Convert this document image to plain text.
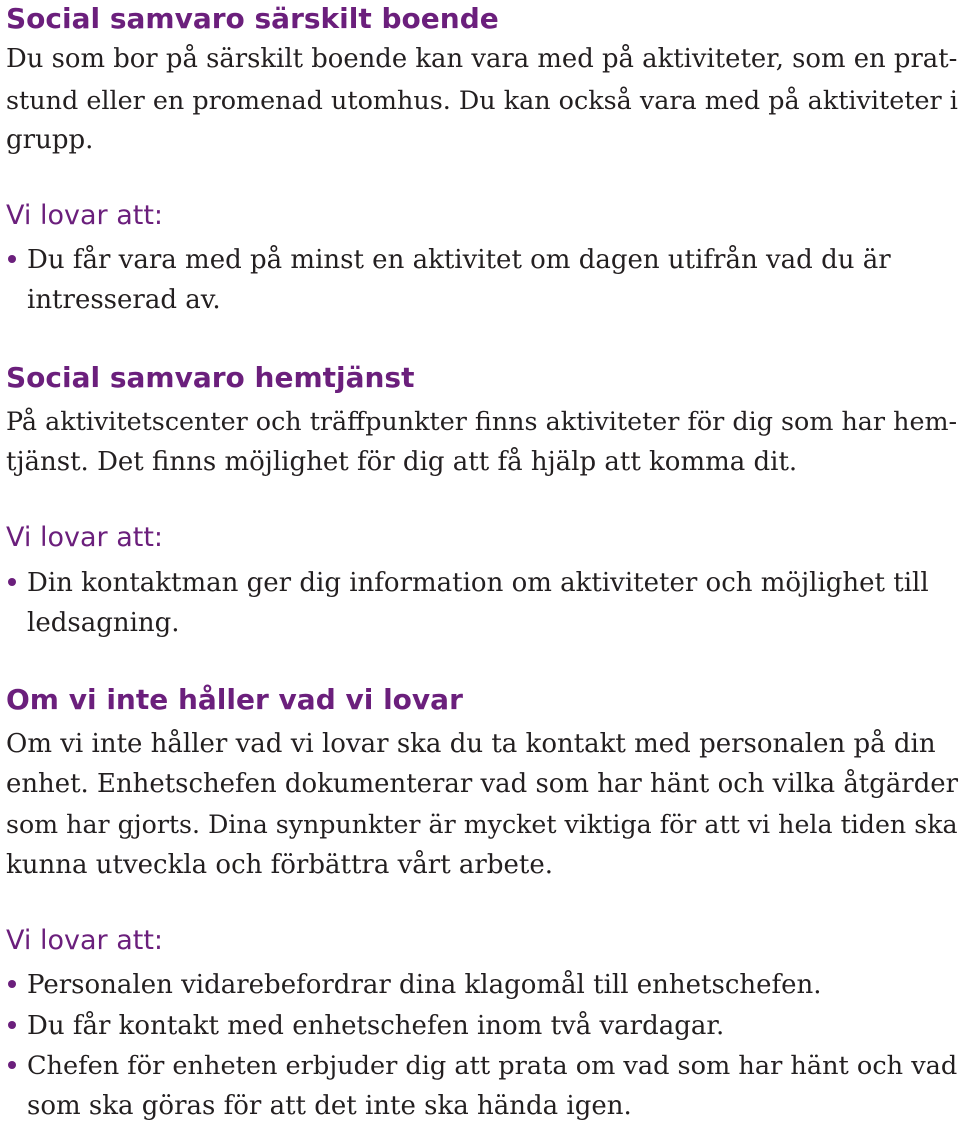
Social samvaro särskilt boende

Du som bor på särskilt boende kan vara med på aktiviteter, som en prat-

stund eller en promenad utomhus. Du kan också vara med på aktiviteter i

grupp.

Vi lovar att:

Du får vara med på minst en aktivitet om dagen utifrån vad du är

intresserad av.

Social samvaro hemtjänst

På aktivitetscenter och träffpunkter finns aktiviteter för dig som har hem-

tjänst. Det finns möjlighet för dig att få hjälp att komma dit.

Vi lovar att:

Din kontaktman ger dig information om aktiviteter och möjlighet till

ledsagning.

Om vi inte håller vad vi lovar

Om vi inte håller vad vi lovar ska du ta kontakt med personalen på din

enhet. Enhetschefen dokumenterar vad som har hänt och vilka åtgärder

som har gjorts. Dina synpunkter är mycket viktiga för att vi hela tiden ska

kunna utveckla och förbättra vårt arbete.

Vi lovar att:

Personalen vidarebefordrar dina klagomål till enhetschefen.

Du får kontakt med enhetschefen inom två vardagar.

Chefen för enheten erbjuder dig att prata om vad som har hänt och vad

som ska göras för att det inte ska hända igen.
